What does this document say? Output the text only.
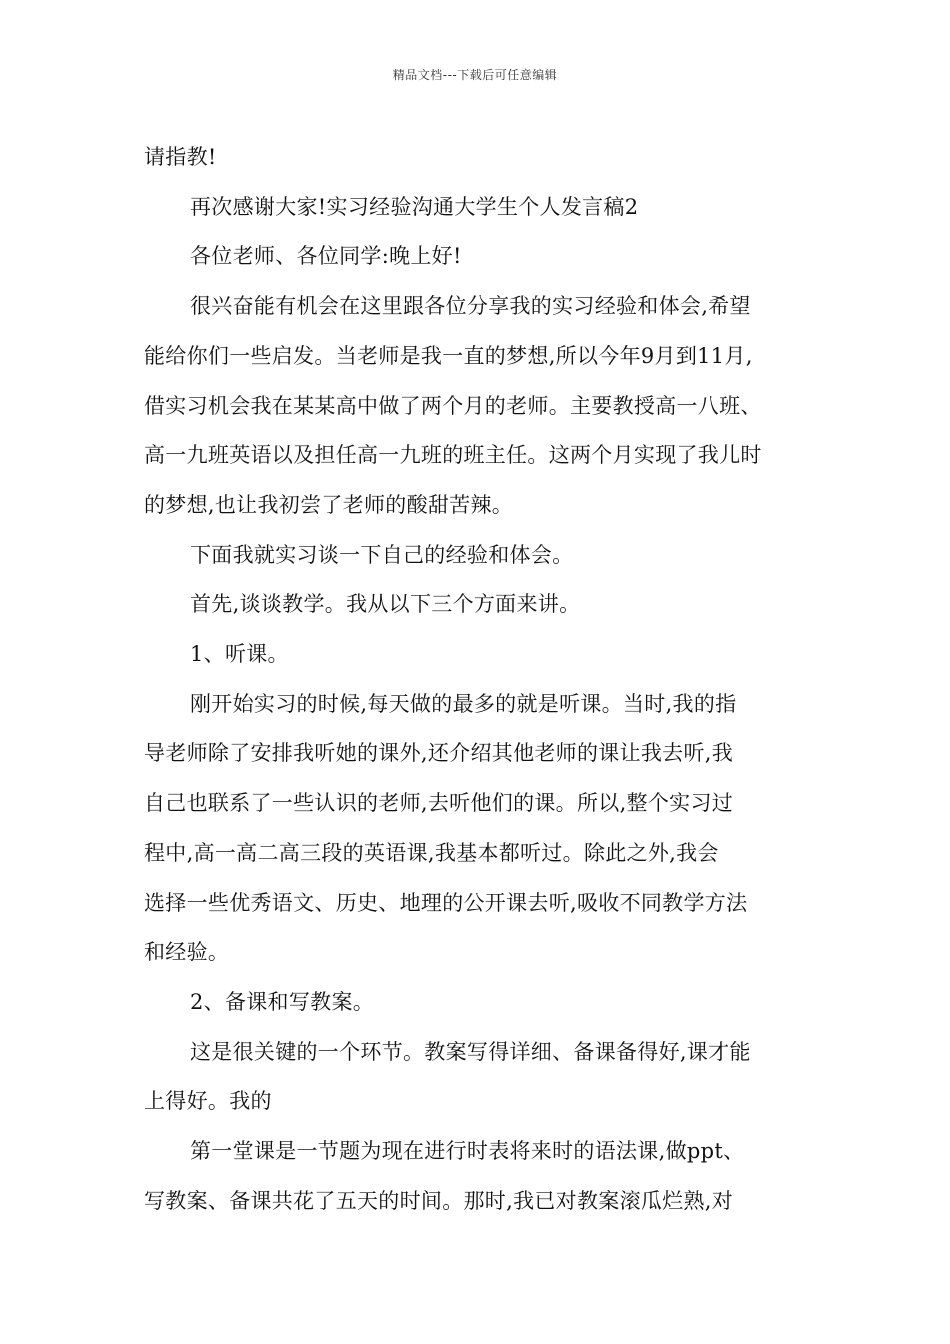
精品文档---下载后可任意编辑

请指教!

再次感谢大家!实习经验沟通大学生个人发言稿2

各位老师、各位同学:晚上好!

很兴奋能有机会在这里跟各位分享我的实习经验和体会,希望

能给你们一些启发。当老师是我一直的梦想,所以今年9月到11月,

借实习机会我在某某高中做了两个月的老师。主要教授高一八班、

高一九班英语以及担任高一九班的班主任。这两个月实现了我儿时

的梦想,也让我初尝了老师的酸甜苦辣。

下面我就实习谈一下自己的经验和体会。

首先,谈谈教学。我从以下三个方面来讲。

1、听课。

刚开始实习的时候,每天做的最多的就是听课。当时,我的指

导老师除了安排我听她的课外,还介绍其他老师的课让我去听,我

自己也联系了一些认识的老师,去听他们的课。所以,整个实习过

程中,高一高二高三段的英语课,我基本都听过。除此之外,我会

选择一些优秀语文、历史、地理的公开课去听,吸收不同教学方法

和经验。

2、备课和写教案。

这是很关键的一个环节。教案写得详细、备课备得好,课才能

上得好。我的

第一堂课是一节题为现在进行时表将来时的语法课,做ppt、

写教案、备课共花了五天的时间。那时,我已对教案滚瓜烂熟,对
